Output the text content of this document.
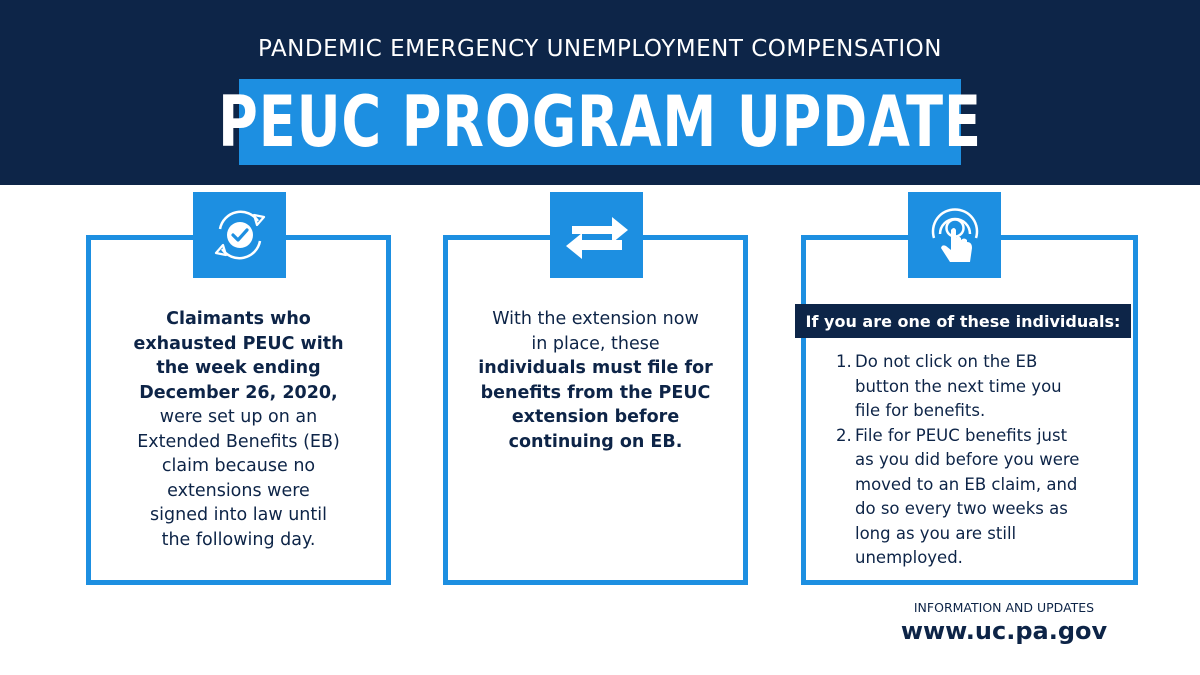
PANDEMIC EMERGENCY UNEMPLOYMENT COMPENSATION
PEUC PROGRAM UPDATE
Claimants who
exhausted PEUC with
the week ending
December 26, 2020,
were set up on an
Extended Benefits (EB)
claim because no
extensions were
signed into law until
the following day.
With the extension now
in place, these
individuals must file for
benefits from the PEUC
extension before
continuing on EB.
1. Do not click on the EB
button the next time you
file for benefits.
2. File for PEUC benefits just
as you did before you were
moved to an EB claim, and
do so every two weeks as
long as you are still
unemployed.
If you are one of these individuals:
INFORMATION AND UPDATES
www.uc.pa.gov
